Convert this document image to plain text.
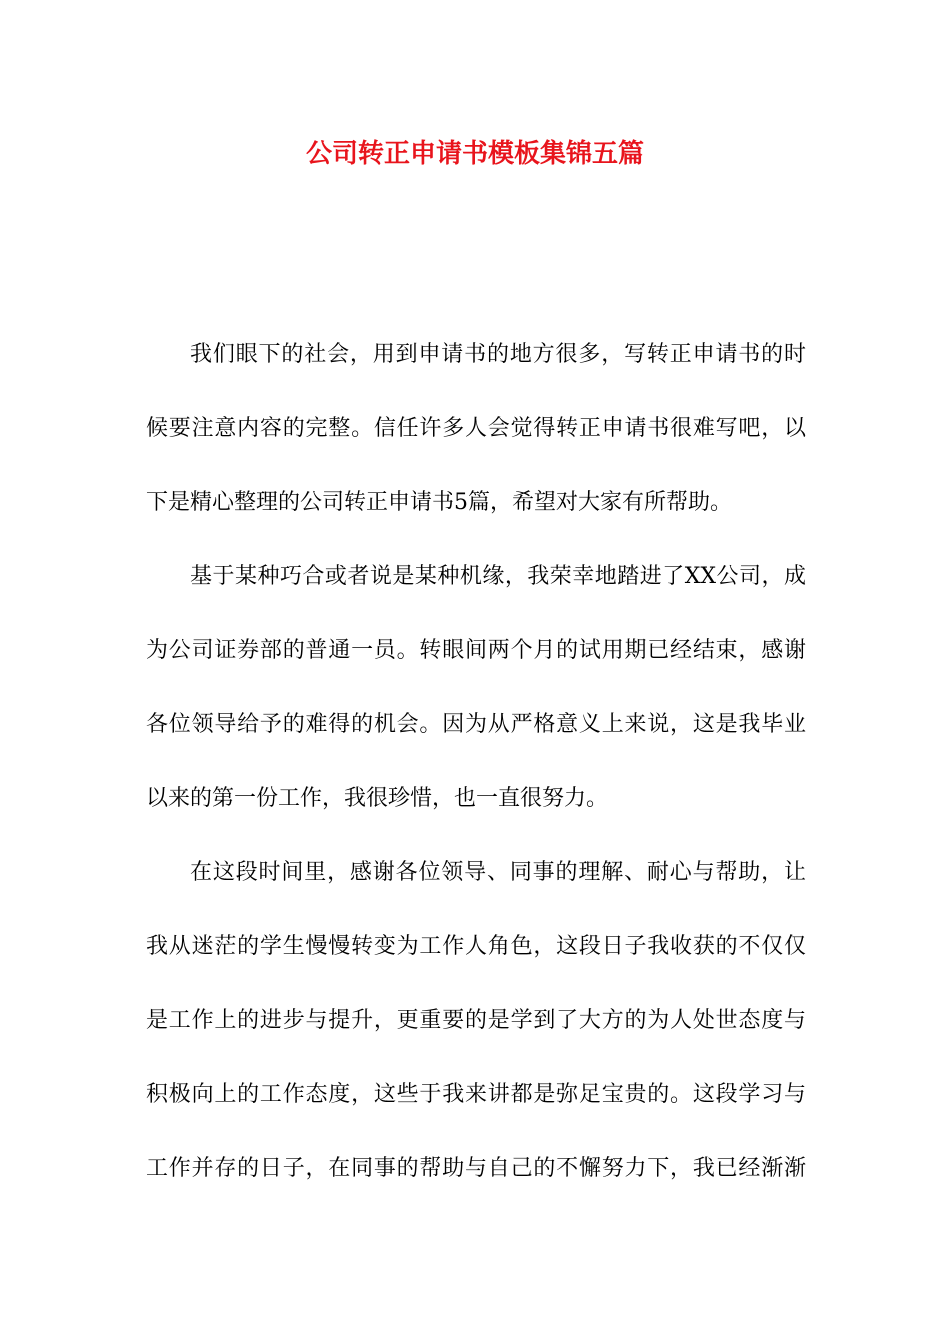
公司转正申请书模板集锦五篇
我们眼下的社会，用到申请书的地方很多，写转正申请书的时
候要注意内容的完整。信任许多人会觉得转正申请书很难写吧，以
下是精心整理的公司转正申请书5篇，希望对大家有所帮助。
基于某种巧合或者说是某种机缘，我荣幸地踏进了XX公司，成
为公司证券部的普通一员。转眼间两个月的试用期已经结束，感谢
各位领导给予的难得的机会。因为从严格意义上来说，这是我毕业
以来的第一份工作，我很珍惜，也一直很努力。
在这段时间里，感谢各位领导、同事的理解、耐心与帮助，让
我从迷茫的学生慢慢转变为工作人角色，这段日子我收获的不仅仅
是工作上的进步与提升，更重要的是学到了大方的为人处世态度与
积极向上的工作态度，这些于我来讲都是弥足宝贵的。这段学习与
工作并存的日子，在同事的帮助与自己的不懈努力下，我已经渐渐
